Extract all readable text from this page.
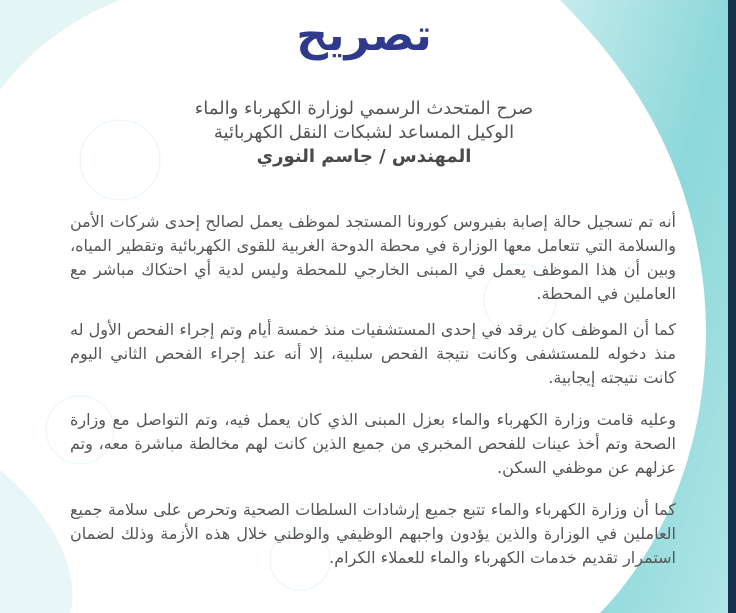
تصريح
صرح المتحدث الرسمي لوزارة الكهرباء والماء
الوكيل المساعد لشبكات النقل الكهربائية
المهندس / جاسم النوري

أنه تم تسجيل حالة إصابة بفيروس كورونا المستجد لموظف يعمل لصالح إحدى شركات الأمن والسلامة التي تتعامل معها الوزارة في محطة الدوحة الغربية للقوى الكهربائية وتقطير المياه، وبين أن هذا الموظف يعمل في المبنى الخارجي للمحطة وليس لدية أي احتكاك مباشر مع العاملين في المحطة.

كما أن الموظف كان يرقد في إحدى المستشفيات منذ خمسة أيام وتم إجراء الفحص الأول له منذ دخوله للمستشفى وكانت نتيجة الفحص سلبية، إلا أنه عند إجراء الفحص الثاني اليوم كانت نتيجته إيجابية.

وعليه قامت وزارة الكهرباء والماء بعزل المبنى الذي كان يعمل فيه، وتم التواصل مع وزارة الصحة وتم أخذ عينات للفحص المخبري من جميع الذين كانت لهم مخالطة مباشرة معه، وتم عزلهم عن موظفي السكن.

كما أن وزارة الكهرباء والماء تتبع جميع إرشادات السلطات الصحية وتحرص على سلامة جميع العاملين في الوزارة والذين يؤدون واجبهم الوظيفي والوطني خلال هذه الأزمة وذلك لضمان استمرار تقديم خدمات الكهرباء والماء للعملاء الكرام.
